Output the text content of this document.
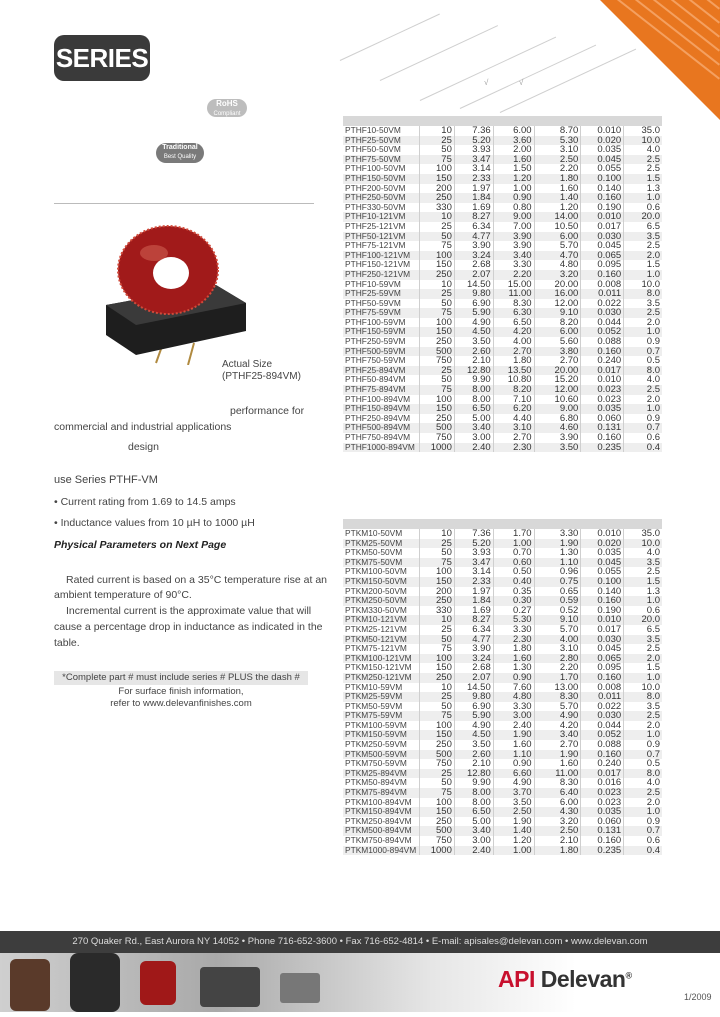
SERIES
RoHS
Compliant
Traditional
Best Quality
Actual Size
(PTHF25-894VM)
performance for
commercial and industrial applications
design
use Series PTHF-VM
• Current rating from 1.69 to 14.5 amps
• Inductance values from 10 µH to 1000 µH
Physical Parameters on Next Page
Rated current is based on a 35°C temperature rise at an
ambient temperature of 90°C.
Incremental current is the approximate value that will
cause a percentage drop in inductance as indicated in the
table.
*Complete part # must include series # PLUS the dash #
For surface finish information,
refer to www.delevanfinishes.com
√	√
PTHF10-50VM	10	7.36	6.00	8.70	0.010	35.0
PTHF25-50VM	25	5.20	3.60	5.30	0.020	10.0
PTHF50-50VM	50	3.93	2.00	3.10	0.035	4.0
PTHF75-50VM	75	3.47	1.60	2.50	0.045	2.5
PTHF100-50VM	100	3.14	1.50	2.20	0.055	2.5
PTHF150-50VM	150	2.33	1.20	1.80	0.100	1.5
PTHF200-50VM	200	1.97	1.00	1.60	0.140	1.3
PTHF250-50VM	250	1.84	0.90	1.40	0.160	1.0
PTHF330-50VM	330	1.69	0.80	1.20	0.190	0.6
PTHF10-121VM	10	8.27	9.00	14.00	0.010	20.0
PTHF25-121VM	25	6.34	7.00	10.50	0.017	6.5
PTHF50-121VM	50	4.77	3.90	6.00	0.030	3.5
PTHF75-121VM	75	3.90	3.90	5.70	0.045	2.5
PTHF100-121VM	100	3.24	3.40	4.70	0.065	2.0
PTHF150-121VM	150	2.68	3.30	4.80	0.095	1.5
PTHF250-121VM	250	2.07	2.20	3.20	0.160	1.0
PTHF10-59VM	10	14.50	15.00	20.00	0.008	10.0
PTHF25-59VM	25	9.80	11.00	16.00	0.011	8.0
PTHF50-59VM	50	6.90	8.30	12.00	0.022	3.5
PTHF75-59VM	75	5.90	6.30	9.10	0.030	2.5
PTHF100-59VM	100	4.90	6.50	8.20	0.044	2.0
PTHF150-59VM	150	4.50	4.20	6.00	0.052	1.0
PTHF250-59VM	250	3.50	4.00	5.60	0.088	0.9
PTHF500-59VM	500	2.60	2.70	3.80	0.160	0.7
PTHF750-59VM	750	2.10	1.80	2.70	0.240	0.5
PTHF25-894VM	25	12.80	13.50	20.00	0.017	8.0
PTHF50-894VM	50	9.90	10.80	15.20	0.010	4.0
PTHF75-894VM	75	8.00	8.20	12.00	0.023	2.5
PTHF100-894VM	100	8.00	7.10	10.60	0.023	2.0
PTHF150-894VM	150	6.50	6.20	9.00	0.035	1.0
PTHF250-894VM	250	5.00	4.40	6.80	0.060	0.9
PTHF500-894VM	500	3.40	3.10	4.60	0.131	0.7
PTHF750-894VM	750	3.00	2.70	3.90	0.160	0.6
PTHF1000-894VM	1000	2.40	2.30	3.50	0.235	0.4
PTKM10-50VM	10	7.36	1.70	3.30	0.010	35.0
PTKM25-50VM	25	5.20	1.00	1.90	0.020	10.0
PTKM50-50VM	50	3.93	0.70	1.30	0.035	4.0
PTKM75-50VM	75	3.47	0.60	1.10	0.045	3.5
PTKM100-50VM	100	3.14	0.50	0.96	0.055	2.5
PTKM150-50VM	150	2.33	0.40	0.75	0.100	1.5
PTKM200-50VM	200	1.97	0.35	0.65	0.140	1.3
PTKM250-50VM	250	1.84	0.30	0.59	0.160	1.0
PTKM330-50VM	330	1.69	0.27	0.52	0.190	0.6
PTKM10-121VM	10	8.27	5.30	9.10	0.010	20.0
PTKM25-121VM	25	6.34	3.30	5.70	0.017	6.5
PTKM50-121VM	50	4.77	2.30	4.00	0.030	3.5
PTKM75-121VM	75	3.90	1.80	3.10	0.045	2.5
PTKM100-121VM	100	3.24	1.60	2.80	0.065	2.0
PTKM150-121VM	150	2.68	1.30	2.20	0.095	1.5
PTKM250-121VM	250	2.07	0.90	1.70	0.160	1.0
PTKM10-59VM	10	14.50	7.60	13.00	0.008	10.0
PTKM25-59VM	25	9.80	4.80	8.30	0.011	8.0
PTKM50-59VM	50	6.90	3.30	5.70	0.022	3.5
PTKM75-59VM	75	5.90	3.00	4.90	0.030	2.5
PTKM100-59VM	100	4.90	2.40	4.20	0.044	2.0
PTKM150-59VM	150	4.50	1.90	3.40	0.052	1.0
PTKM250-59VM	250	3.50	1.60	2.70	0.088	0.9
PTKM500-59VM	500	2.60	1.10	1.90	0.160	0.7
PTKM750-59VM	750	2.10	0.90	1.60	0.240	0.5
PTKM25-894VM	25	12.80	6.60	11.00	0.017	8.0
PTKM50-894VM	50	9.90	4.90	8.30	0.016	4.0
PTKM75-894VM	75	8.00	3.70	6.40	0.023	2.5
PTKM100-894VM	100	8.00	3.50	6.00	0.023	2.0
PTKM150-894VM	150	6.50	2.50	4.30	0.035	1.0
PTKM250-894VM	250	5.00	1.90	3.20	0.060	0.9
PTKM500-894VM	500	3.40	1.40	2.50	0.131	0.7
PTKM750-894VM	750	3.00	1.20	2.10	0.160	0.6
PTKM1000-894VM	1000	2.40	1.00	1.80	0.235	0.4
270 Quaker Rd., East Aurora NY 14052 • Phone 716-652-3600 • Fax 716-652-4814 • E-mail: apisales@delevan.com • www.delevan.com
API Delevan®
1/2009
